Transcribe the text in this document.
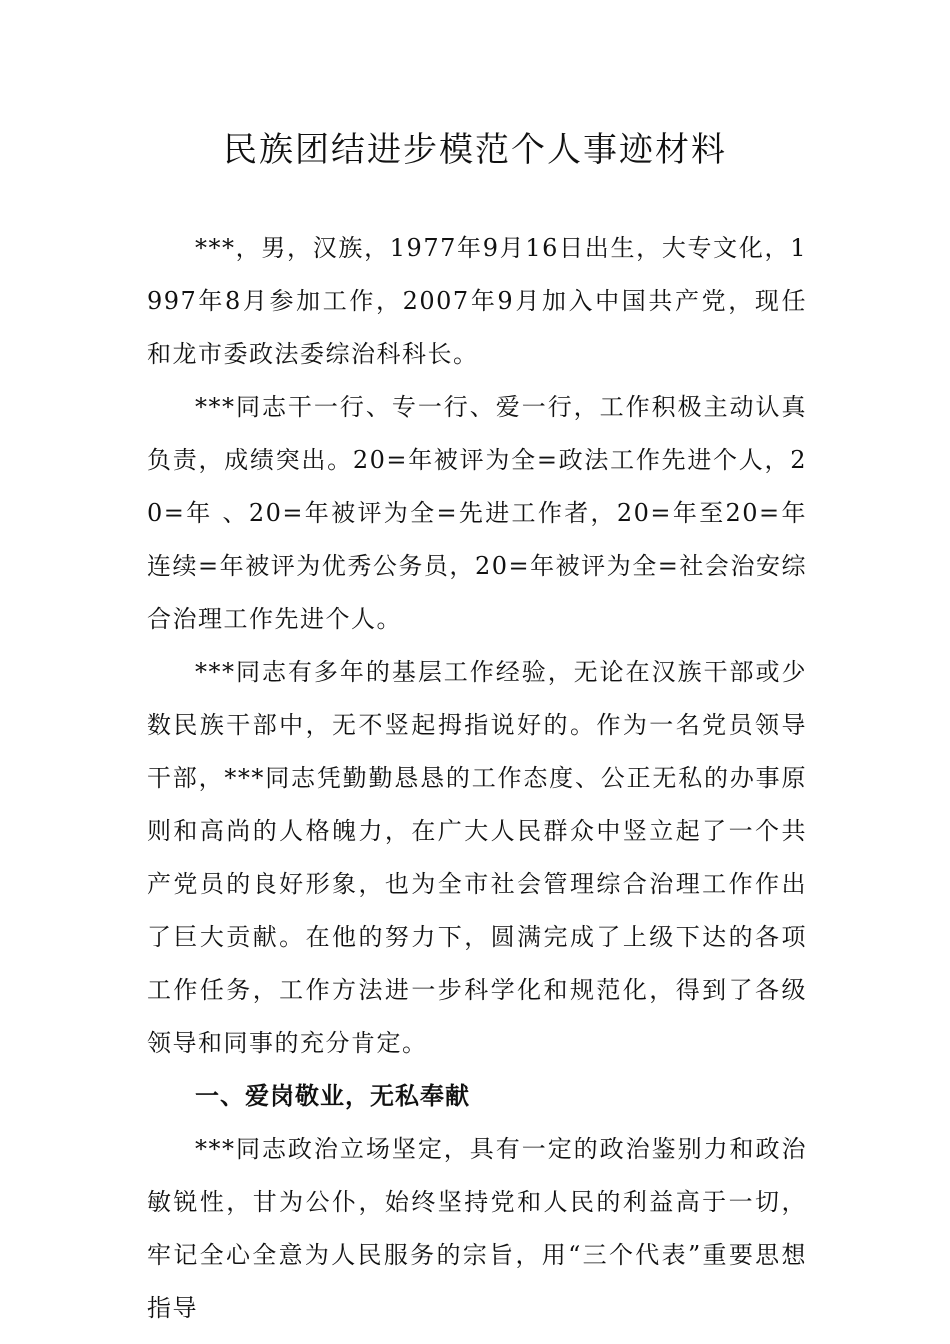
民族团结进步模范个人事迹材料

***，男，汉族，1977年9月16日出生，大专文化，1997年8月参加工作，2007年9月加入中国共产党，现任和龙市委政法委综治科科长。

***同志干一行、专一行、爱一行，工作积极主动认真负责，成绩突出。20=年被评为全=政法工作先进个人，20=年 、20=年被评为全=先进工作者，20=年至20=年连续=年被评为优秀公务员，20=年被评为全=社会治安综合治理工作先进个人。

***同志有多年的基层工作经验，无论在汉族干部或少数民族干部中，无不竖起拇指说好的。作为一名党员领导干部，***同志凭勤勤恳恳的工作态度、公正无私的办事原则和高尚的人格魄力，在广大人民群众中竖立起了一个共产党员的良好形象，也为全市社会管理综合治理工作作出了巨大贡献。在他的努力下，圆满完成了上级下达的各项工作任务，工作方法进一步科学化和规范化，得到了各级领导和同事的充分肯定。

一、爱岗敬业，无私奉献

***同志政治立场坚定，具有一定的政治鉴别力和政治敏锐性，甘为公仆，始终坚持党和人民的利益高于一切，牢记全心全意为人民服务的宗旨，用“三个代表”重要思想指导
